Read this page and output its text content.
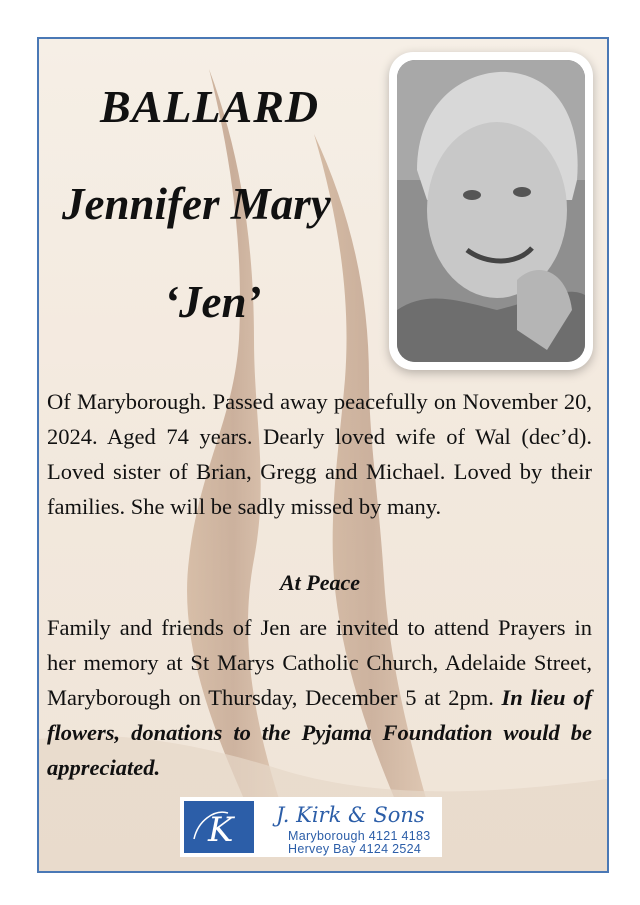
BALLARD
Jennifer Mary
‘Jen’
Of Maryborough. Passed away peacefully on November 20, 2024. Aged 74 years. Dearly loved wife of Wal (dec’d). Loved sister of Brian, Gregg and Michael. Loved by their families. She will be sadly missed by many.
At Peace
Family and friends of Jen are invited to attend Prayers in her memory at St Marys Catholic Church, Adelaide Street, Maryborough on Thursday, December 5 at 2pm. In lieu of flowers, donations to the Pyjama Foundation would be appreciated.
K J. Kirk & Sons
Maryborough 4121 4183
Hervey Bay 4124 2524
